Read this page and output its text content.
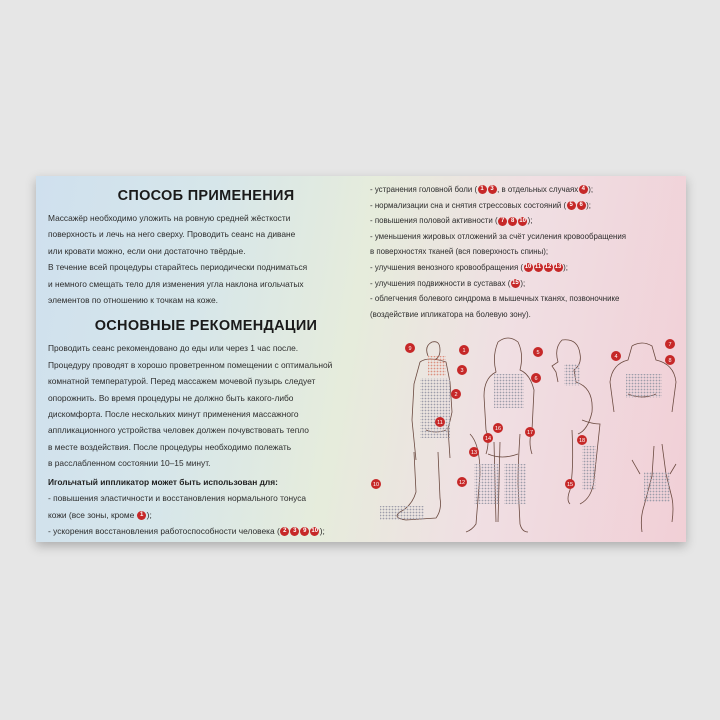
СПОСОБ ПРИМЕНЕНИЯ

Массажёр необходимо уложить на ровную средней жёсткости

поверхность и лечь на него сверху. Проводить сеанс на диване

или кровати можно, если они достаточно твёрдые.

В течение всей процедуры старайтесь периодически подниматься

и немного смещать тело для изменения угла наклона игольчатых

элементов по отношению к точкам на коже.

ОСНОВНЫЕ РЕКОМЕНДАЦИИ

Проводить сеанс рекомендовано до еды или через 1 час после.

Процедуру проводят в хорошо проветренном помещении с оптимальной

комнатной температурой. Перед массажем мочевой пузырь следует

опорожнить. Во время процедуры не должно быть какого-либо

дискомфорта. После нескольких минут применения массажного

аппликационного устройства человек должен почувствовать тепло

в месте воздействия. После процедуры необходимо полежать

в расслабленном состоянии 10–15 минут.

Игольчатый иппликатор может быть использован для:

- повышения эластичности и восстановления нормального тонуса

кожи (все зоны, кроме 1 );

- ускорения восстановления работоспособности человека ( 2 3 9 10 );

- устранения головной боли ( 1 3 , в отдельных случаях 4 );

- нормализации сна и снятия стрессовых состояний ( 5 6 );

- повышения половой активности ( 7 8 10 );

- уменьшения жировых отложений за счёт усиления кровообращения

в поверхностях тканей (вся поверхность спины);

- улучшения венозного кровообращения ( 10 11 12 13 );

- улучшения подвижности в суставах ( 15 );

- облегчения болевого синдрома в мышечных тканях, позвоночнике

(воздействие ипликатора на болевую зону).

1
2
3
4
5
6
7
8
9
10
11
12
13
14
15
16
17
18
